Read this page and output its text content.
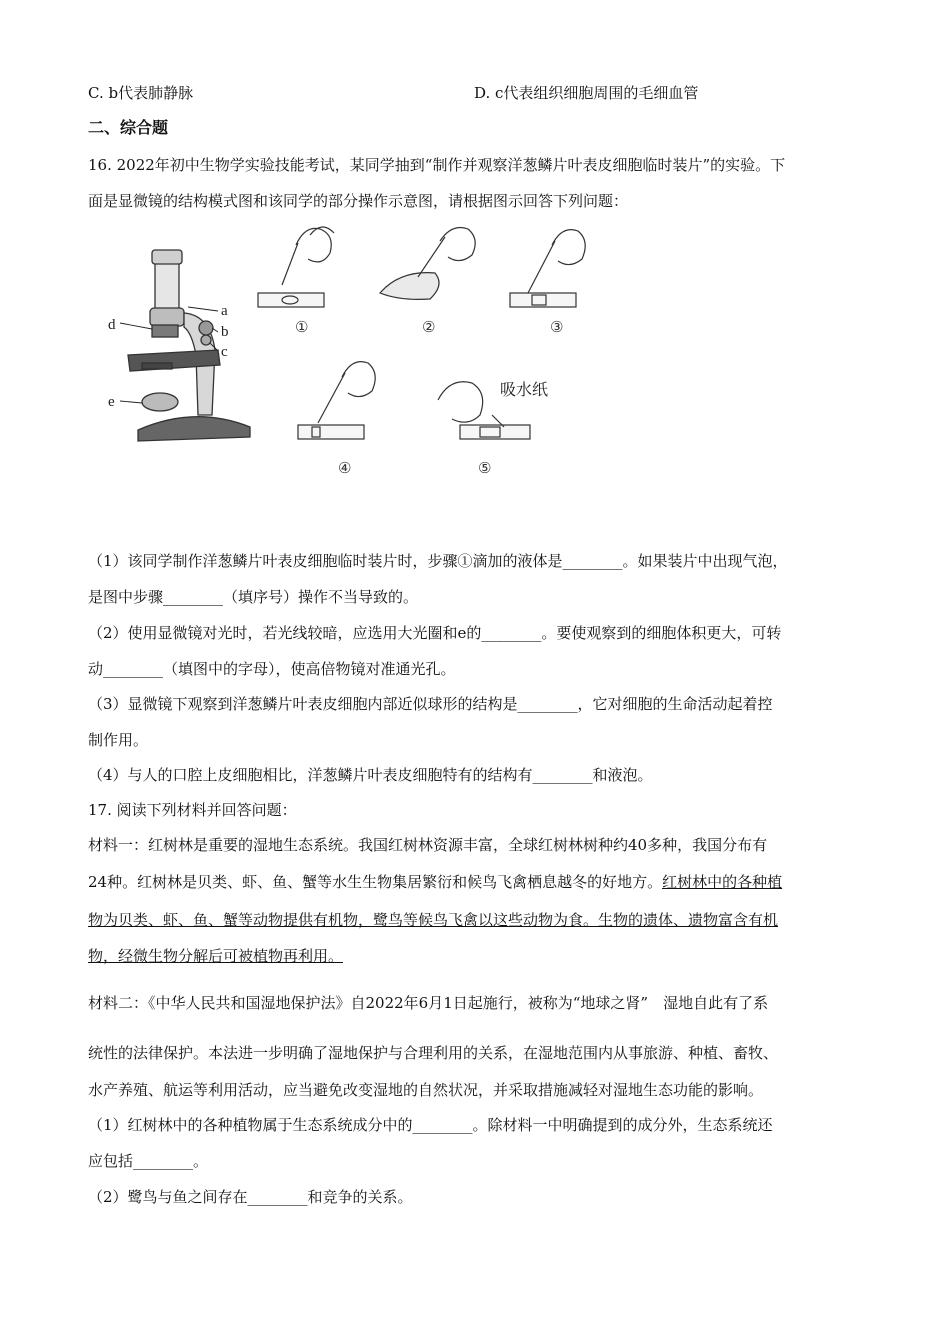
C. b代表肺静脉	D. c代表组织细胞周围的毛细血管
二、综合题
16. 2022年初中生物学实验技能考试，某同学抽到“制作并观察洋葱鳞片叶表皮细胞临时装片”的实验。下
面是显微镜的结构模式图和该同学的部分操作示意图，请根据图示回答下列问题：
a
b
c
d
e
①	②	③
④
吸水纸
⑤
（1）该同学制作洋葱鳞片叶表皮细胞临时装片时，步骤①滴加的液体是________。如果装片中出现气泡，
是图中步骤________（填序号）操作不当导致的。
（2）使用显微镜对光时，若光线较暗，应选用大光圈和e的________。要使观察到的细胞体积更大，可转
动________（填图中的字母），使高倍物镜对准通光孔。
（3）显微镜下观察到洋葱鳞片叶表皮细胞内部近似球形的结构是________，它对细胞的生命活动起着控
制作用。
（4）与人的口腔上皮细胞相比，洋葱鳞片叶表皮细胞特有的结构有________和液泡。
17. 阅读下列材料并回答问题：
材料一：红树林是重要的湿地生态系统。我国红树林资源丰富，全球红树林树种约40多种，我国分布有
24种。红树林是贝类、虾、鱼、蟹等水生生物集居繁衍和候鸟飞禽栖息越冬的好地方。红树林中的各种植
物为贝类、虾、鱼、蟹等动物提供有机物，鹭鸟等候鸟飞禽以这些动物为食。生物的遗体、遗物富含有机
物，经微生物分解后可被植物再利用。
材料二：《中华人民共和国湿地保护法》自2022年6月1日起施行，被称为“地球之肾”　湿地自此有了系
统性的法律保护。本法进一步明确了湿地保护与合理利用的关系，在湿地范围内从事旅游、种植、畜牧、
水产养殖、航运等利用活动，应当避免改变湿地的自然状况，并采取措施减轻对湿地生态功能的影响。
（1）红树林中的各种植物属于生态系统成分中的________。除材料一中明确提到的成分外，生态系统还
应包括________。
（2）鹭鸟与鱼之间存在________和竞争的关系。
